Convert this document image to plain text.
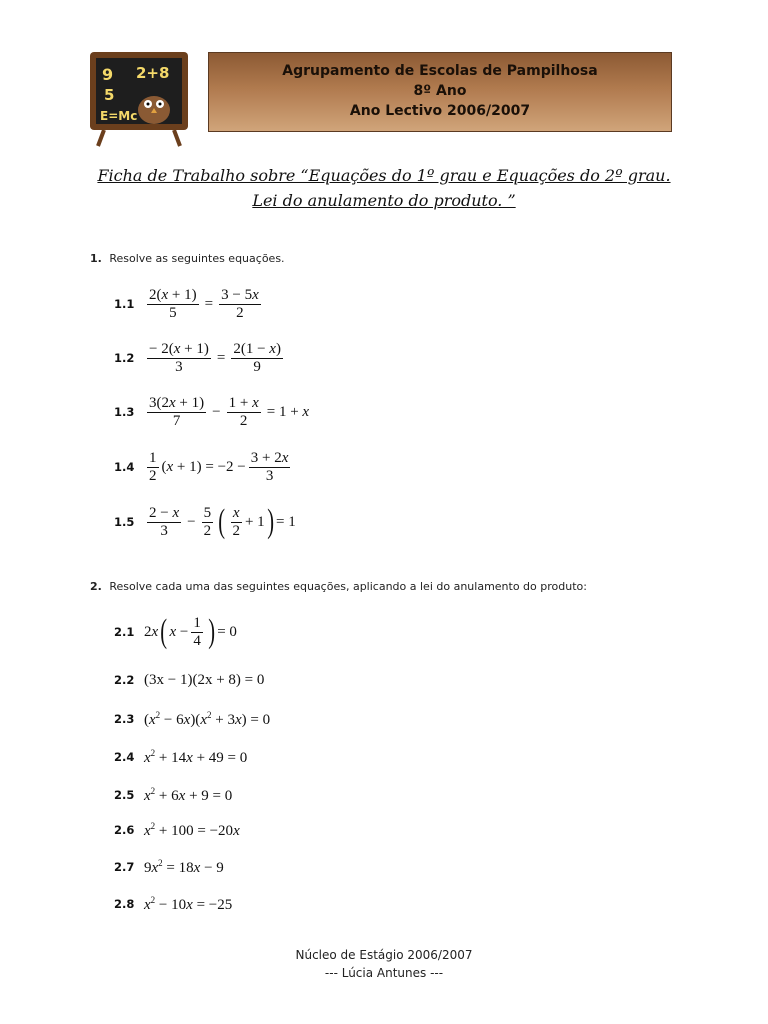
9 2+8
5
E=Mc
Agrupamento de Escolas de Pampilhosa
8º Ano
Ano Lectivo 2006/2007
Ficha de Trabalho sobre “Equações do 1º grau e Equações do 2º grau.
Lei do anulamento do produto. ”
1. Resolve as seguintes equações.
$1.1 \frac{2(x + 1)}{5} = \frac{3 - 5x}{2}$
$1.2 \frac{- 2(x + 1)}{3} = \frac{2(1 - x)}{9}$
$1.3 \frac{3(2x + 1)}{7} - \frac{1 + x}{2} = 1 + x$
$1.4 \frac{1}{2} (x + 1) = -2 - \frac{3 + 2x}{3}$
$1.5 \frac{2 - x}{3} - \frac{5}{2}$ ( $\frac{x}{2} + 1$ ) = 1
2. Resolve cada uma das seguintes equações, aplicando a lei do anulamento do produto:
2.1 2x ( $x - \frac{1}{4}$ ) = 0
2.2 (3x − 1)(2x + 8) = 0
2.3 $(x^2 - 6x)(x^2 + 3x) = 0$
2.4 $x^2 + 14x + 49 = 0$
2.5 $x^2 + 6x + 9 = 0$
2.6 $x^2 + 100 = -20x$
2.7 $9x^2 = 18x - 9$
2.8 $x^2 - 10x = -25$
Núcleo de Estágio 2006/2007
--- Lúcia Antunes ---
